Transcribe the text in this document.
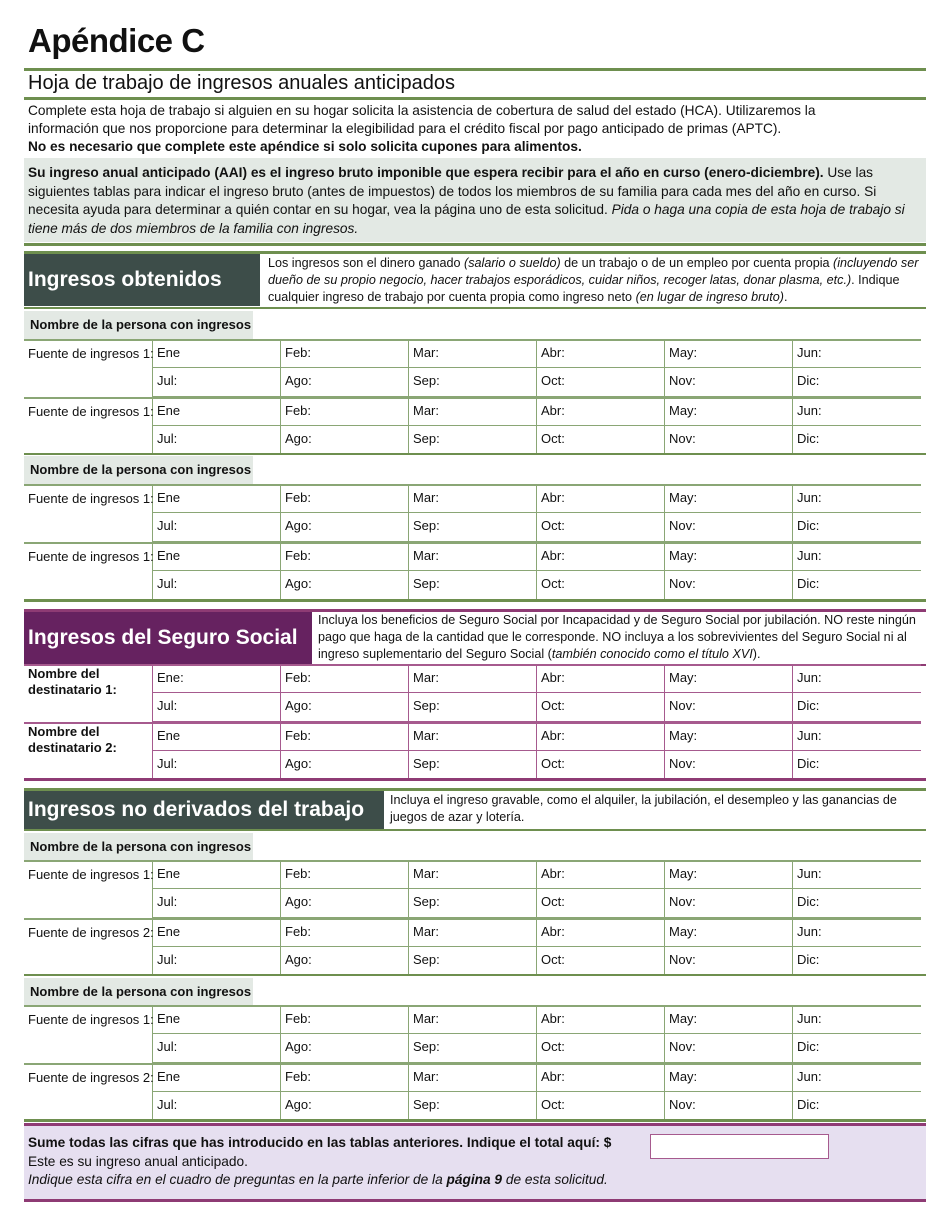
Apéndice C
Hoja de trabajo de ingresos anuales anticipados
Complete esta hoja de trabajo si alguien en su hogar solicita la asistencia de cobertura de salud del estado (HCA). Utilizaremos la
información que nos proporcione para determinar la elegibilidad para el crédito fiscal por pago anticipado de primas (APTC).
No es necesario que complete este apéndice si solo solicita cupones para alimentos.
Su ingreso anual anticipado (AAI) es el ingreso bruto imponible que espera recibir para el año en curso (enero-diciembre). Use las siguientes tablas para indicar el ingreso bruto (antes de impuestos) de todos los miembros de su familia para cada mes del año en curso. Si necesita ayuda para determinar a quién contar en su hogar, vea la página uno de esta solicitud. Pida o haga una copia de esta hoja de trabajo si tiene más de dos miembros de la familia con ingresos.
Ingresos obtenidos
Los ingresos son el dinero ganado (salario o sueldo) de un trabajo o de un empleo por cuenta propia (incluyendo ser dueño de su propio negocio, hacer trabajos esporádicos, cuidar niños, recoger latas, donar plasma, etc.). Indique cualquier ingreso de trabajo por cuenta propia como ingreso neto (en lugar de ingreso bruto).
Nombre de la persona con ingresos
Fuente de ingresos 1: Ene
Jul:
Feb:
Ago:
Mar:
Sep:
Abr:
Oct:
May:
Nov:
Jun:
Dic:
Fuente de ingresos 1: Ene
Jul:
Feb:
Ago:
Mar:
Sep:
Abr:
Oct:
May:
Nov:
Jun:
Dic:
Nombre de la persona con ingresos
Fuente de ingresos 1: Ene
Jul:
Feb:
Ago:
Mar:
Sep:
Abr:
Oct:
May:
Nov:
Jun:
Dic:
Fuente de ingresos 1: Ene
Jul:
Feb:
Ago:
Mar:
Sep:
Abr:
Oct:
May:
Nov:
Jun:
Dic:
Ingresos del Seguro Social
Incluya los beneficios de Seguro Social por Incapacidad y de Seguro Social por jubilación. NO reste ningún pago que haga de la cantidad que le corresponde. NO incluya a los sobrevivientes del Seguro Social ni al ingreso suplementario del Seguro Social (también conocido como el título XVI).
Nombre del
destinatario 1:
Ene:
Jul:
Feb:
Ago:
Mar:
Sep:
Abr:
Oct:
May:
Nov:
Jun:
Dic:
Nombre del
destinatario 2:
Ene
Jul:
Feb:
Ago:
Mar:
Sep:
Abr:
Oct:
May:
Nov:
Jun:
Dic:
Ingresos no derivados del trabajo	Incluya el ingreso gravable, como el alquiler, la jubilación, el desempleo y las ganancias de juegos de azar y lotería.
Nombre de la persona con ingresos
Fuente de ingresos 1: Ene
Jul:
Feb:
Ago:
Mar:
Sep:
Abr:
Oct:
May:
Nov:
Jun:
Dic:
Fuente de ingresos 2: Ene
Jul:
Feb:
Ago:
Mar:
Sep:
Abr:
Oct:
May:
Nov:
Jun:
Dic:
Nombre de la persona con ingresos
Fuente de ingresos 1: Ene
Jul:
Feb:
Ago:
Mar:
Sep:
Abr:
Oct:
May:
Nov:
Jun:
Dic:
Fuente de ingresos 2: Ene
Jul:
Feb:
Ago:
Mar:
Sep:
Abr:
Oct:
May:
Nov:
Jun:
Dic:
Sume todas las cifras que has introducido en las tablas anteriores. Indique el total aquí: $
Este es su ingreso anual anticipado.
Indique esta cifra en el cuadro de preguntas en la parte inferior de la página 9 de esta solicitud.
